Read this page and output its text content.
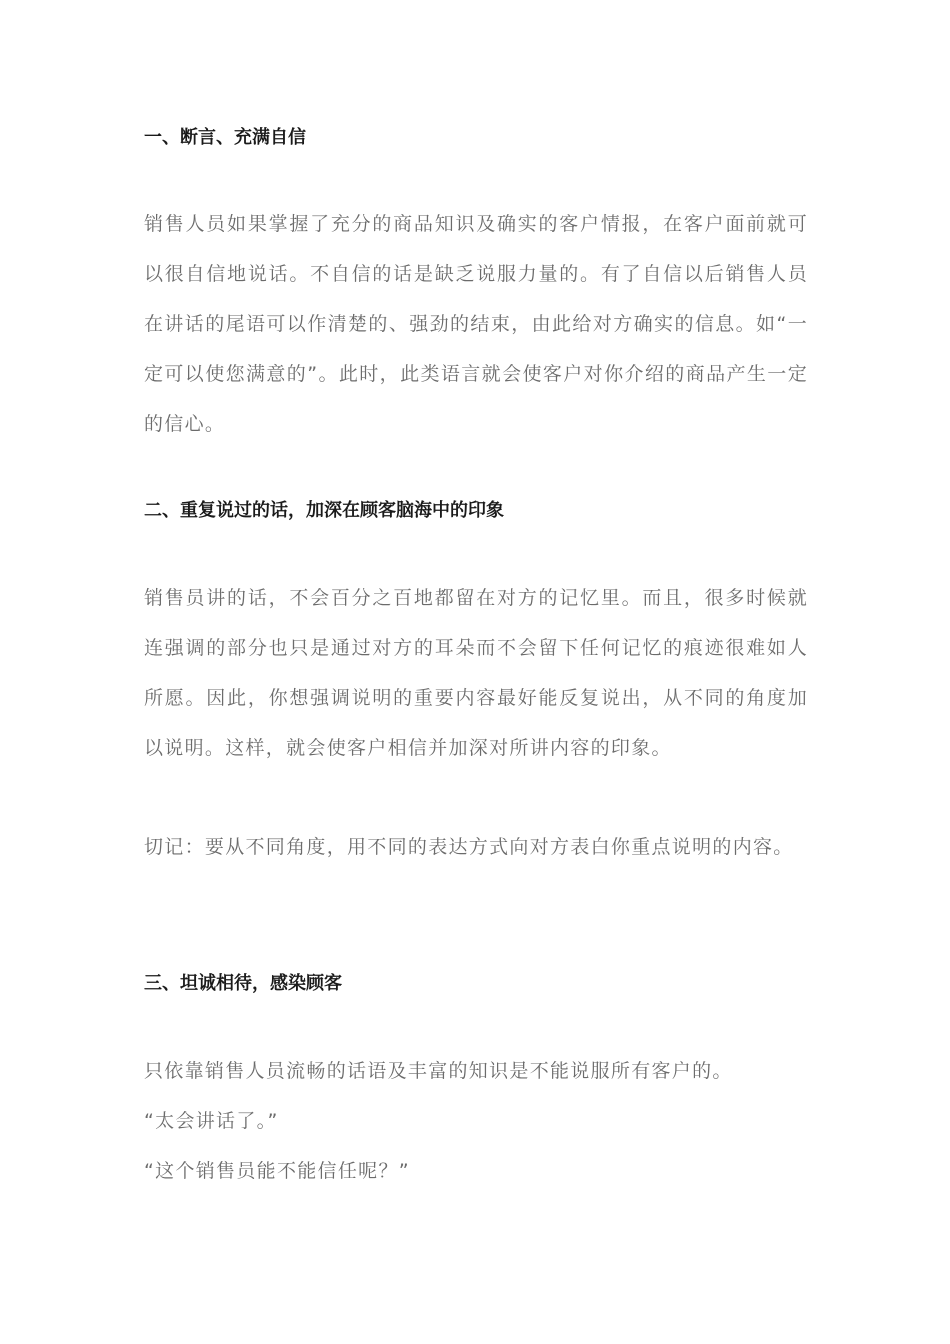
一、断言、充满自信

销售人员如果掌握了充分的商品知识及确实的客户情报，在客户面前就可以很自信地说话。不自信的话是缺乏说服力量的。有了自信以后销售人员在讲话的尾语可以作清楚的、强劲的结束，由此给对方确实的信息。如“一定可以使您满意的”。此时，此类语言就会使客户对你介绍的商品产生一定的信心。

二、重复说过的话，加深在顾客脑海中的印象

销售员讲的话，不会百分之百地都留在对方的记忆里。而且，很多时候就连强调的部分也只是通过对方的耳朵而不会留下任何记忆的痕迹很难如人所愿。因此，你想强调说明的重要内容最好能反复说出，从不同的角度加以说明。这样，就会使客户相信并加深对所讲内容的印象。

切记：要从不同角度，用不同的表达方式向对方表白你重点说明的内容。

三、坦诚相待，感染顾客

只依靠销售人员流畅的话语及丰富的知识是不能说服所有客户的。

“太会讲话了。”

“这个销售员能不能信任呢？”
